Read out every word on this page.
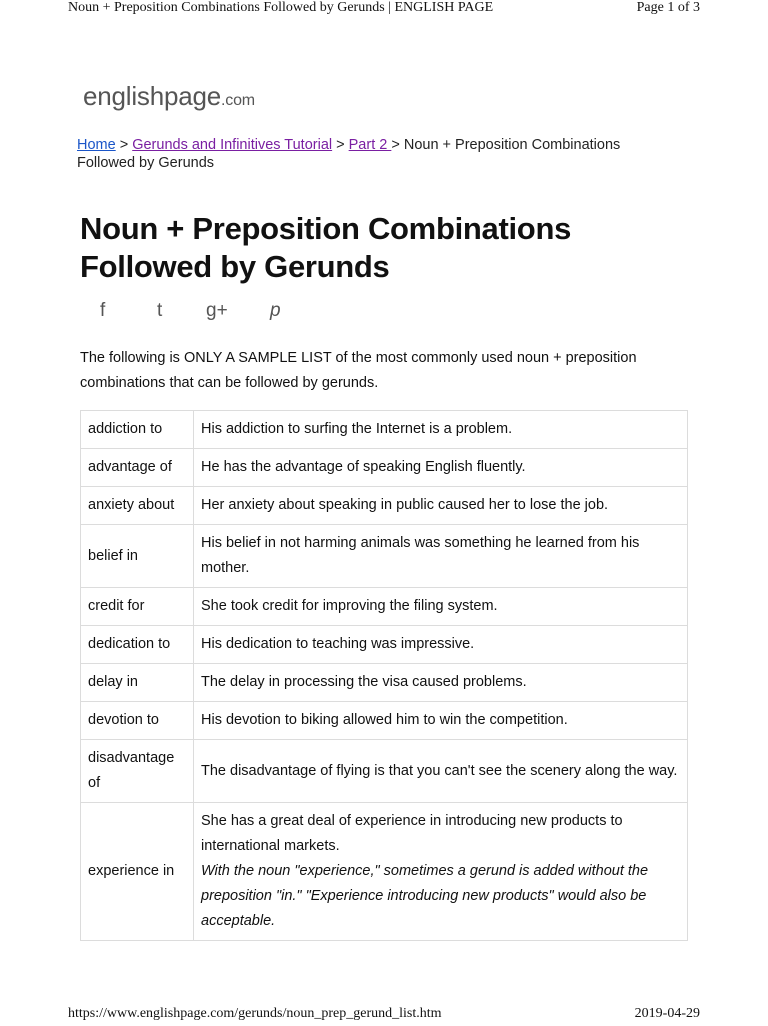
Noun + Preposition Combinations Followed by Gerunds | ENGLISH PAGE	Page 1 of 3
englishpage.com
Home > Gerunds and Infinitives Tutorial > Part 2 > Noun + Preposition Combinations Followed by Gerunds
Noun + Preposition Combinations Followed by Gerunds
f	t g+ p

The following is ONLY A SAMPLE LIST of the most commonly used noun + preposition combinations that can be followed by gerunds.

addiction to	His addiction to surfing the Internet is a problem.
advantage of	He has the advantage of speaking English fluently.
anxiety about	Her anxiety about speaking in public caused her to lose the job.
belief in	His belief in not harming animals was something he learned from his mother.
credit for	She took credit for improving the filing system.
dedication to	His dedication to teaching was impressive.
delay in	The delay in processing the visa caused problems.
devotion to	His devotion to biking allowed him to win the competition.
disadvantage of	The disadvantage of flying is that you can't see the scenery along the way.
experience in	She has a great deal of experience in introducing new products to international markets.
With the noun "experience," sometimes a gerund is added without the preposition "in." "Experience introducing new products" would also be acceptable.
https://www.englishpage.com/gerunds/noun_prep_gerund_list.htm	2019-04-29
